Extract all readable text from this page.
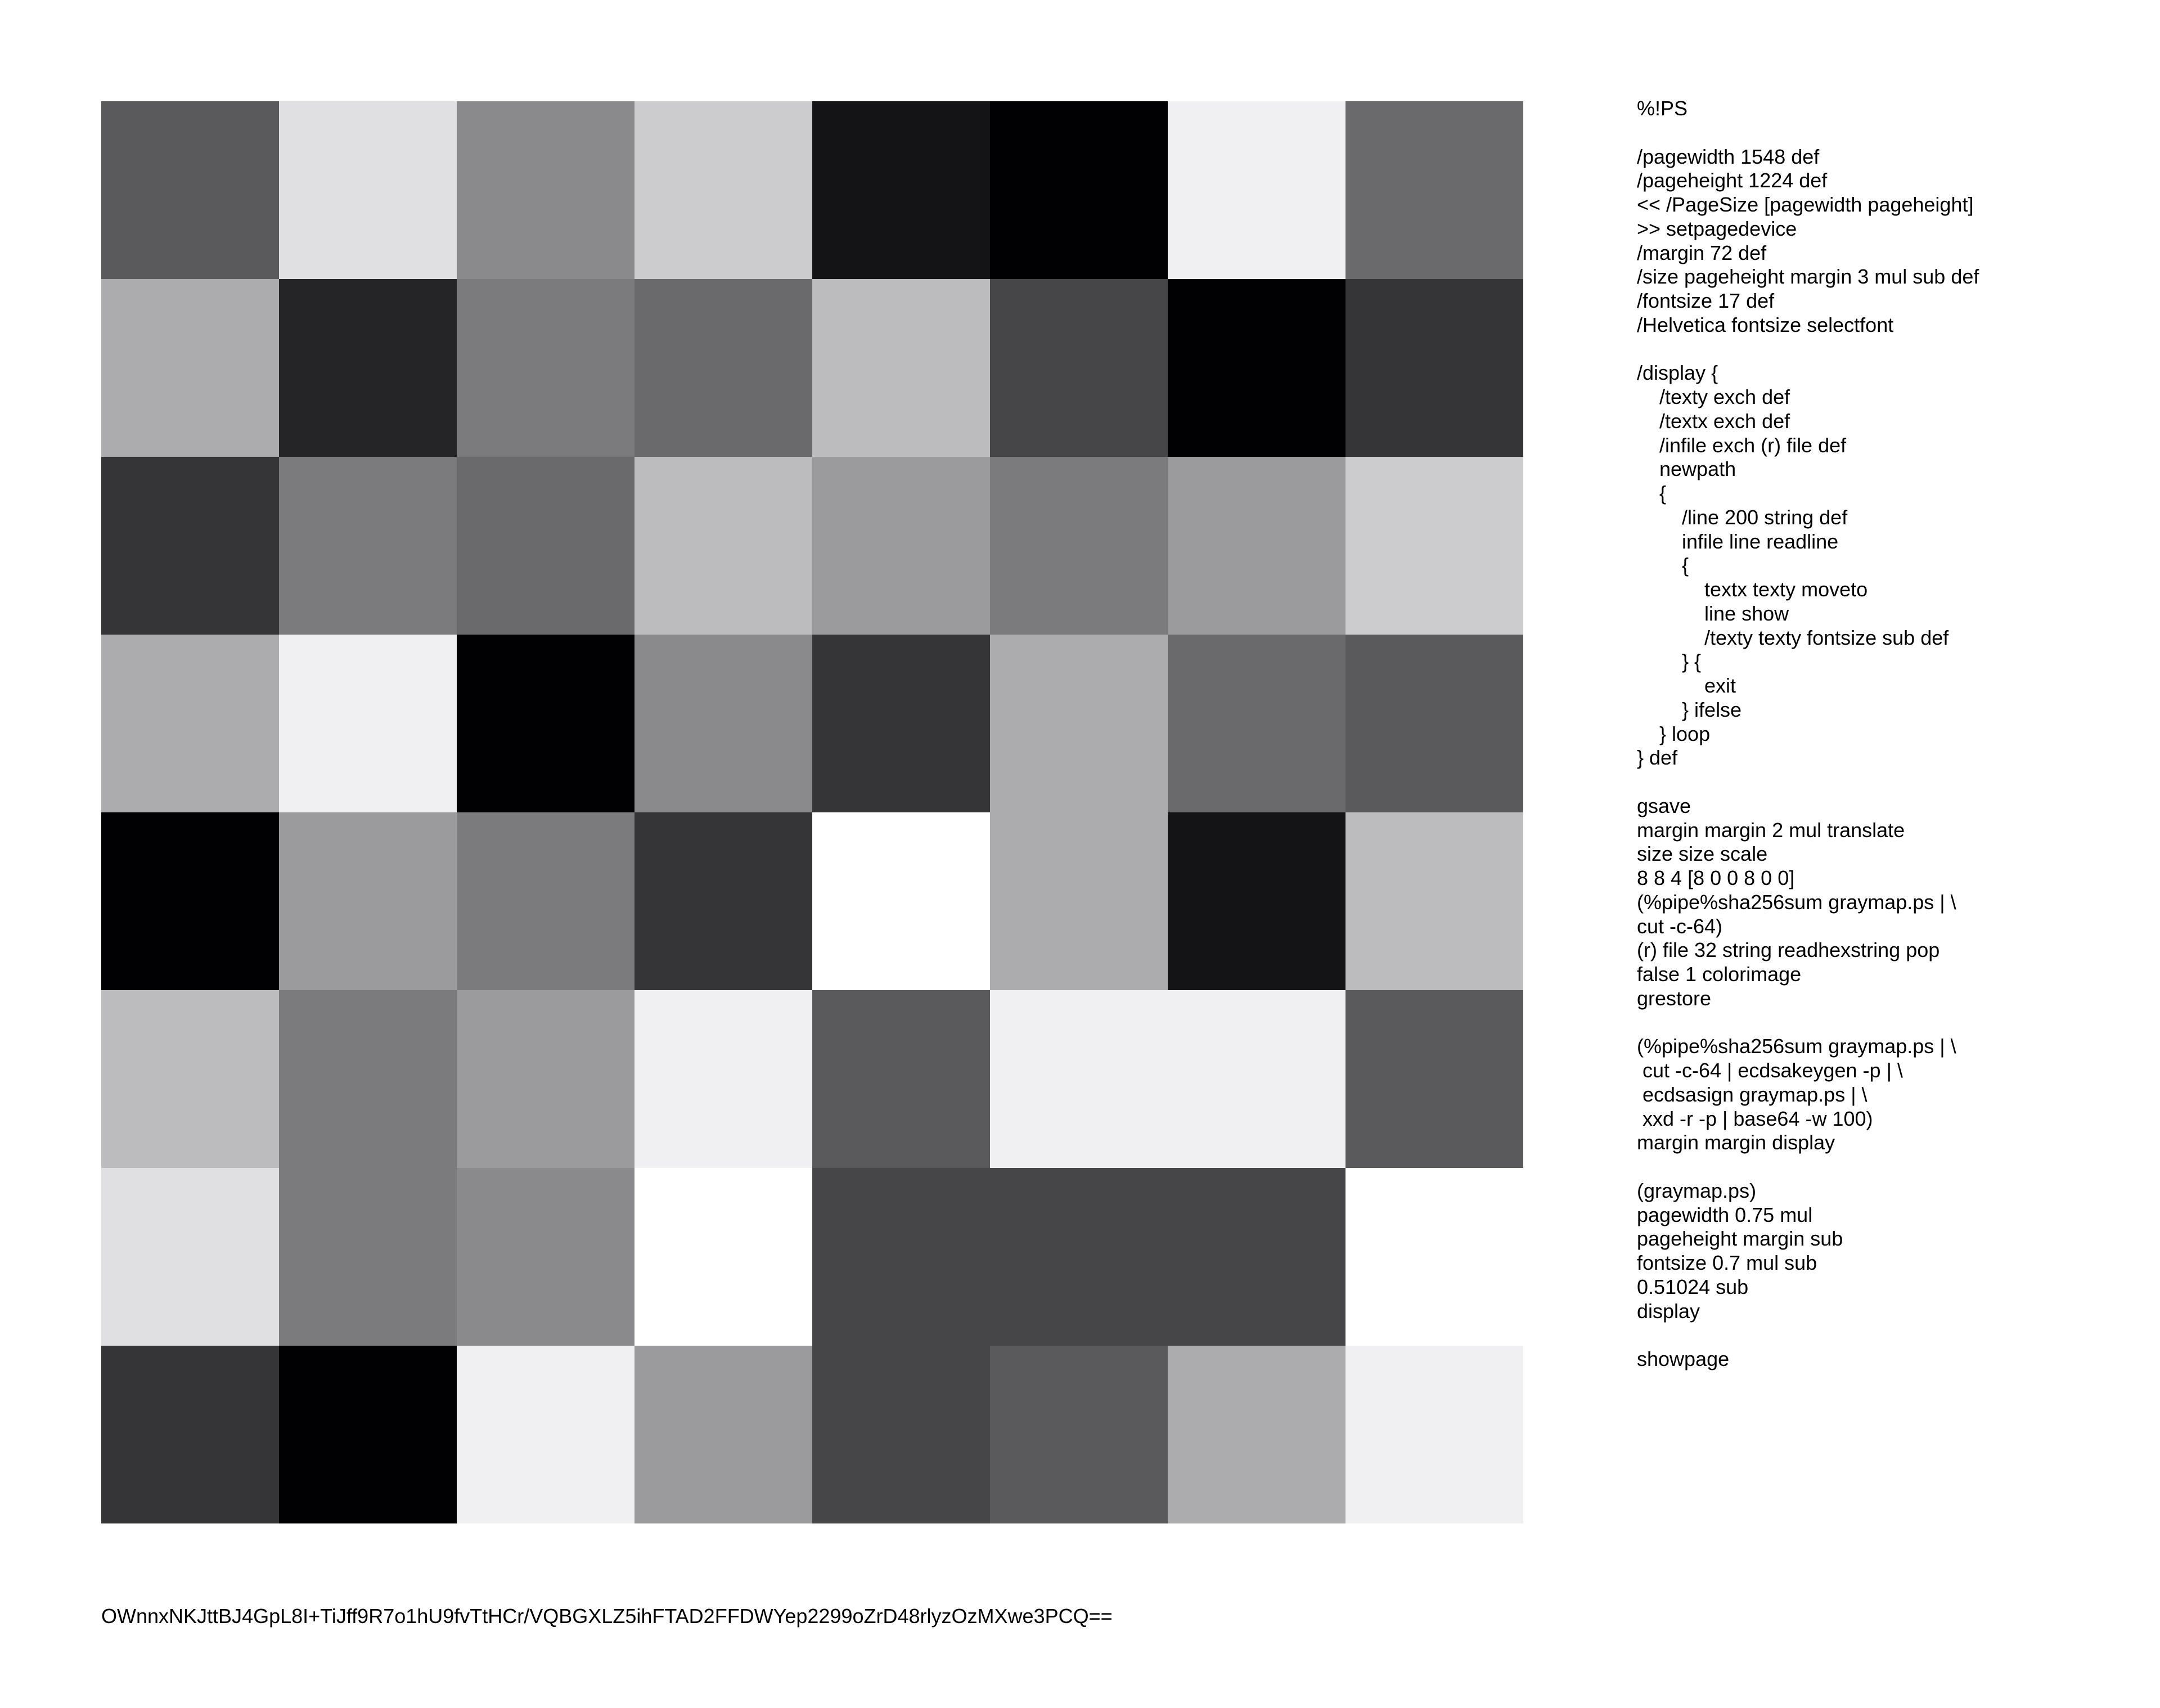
%!PS

/pagewidth 1548 def
/pageheight 1224 def
<< /PageSize [pagewidth pageheight]
>> setpagedevice
/margin 72 def
/size pageheight margin 3 mul sub def
/fontsize 17 def
/Helvetica fontsize selectfont

/display {
/texty exch def
/textx exch def
/infile exch (r) file def
newpath
{
/line 200 string def
infile line readline
{
textx texty moveto
line show
/texty texty fontsize sub def
} {
exit
} ifelse
} loop
} def

gsave
margin margin 2 mul translate
size size scale
8 8 4 [8 0 0 8 0 0]
(%pipe%sha256sum graymap.ps | \
cut -c-64)
(r) file 32 string readhexstring pop
false 1 colorimage
grestore

(%pipe%sha256sum graymap.ps | \
cut -c-64 | ecdsakeygen -p | \
ecdsasign graymap.ps | \
xxd -r -p | base64 -w 100)
margin margin display

(graymap.ps)
pagewidth 0.75 mul
pageheight margin sub
fontsize 0.7 mul sub
0.51024 sub
display

showpage
OWnnxNKJttBJ4GpL8I+TiJff9R7o1hU9fvTtHCr/VQBGXLZ5ihFTAD2FFDWYep2299oZrD48rlyzOzMXwe3PCQ==
